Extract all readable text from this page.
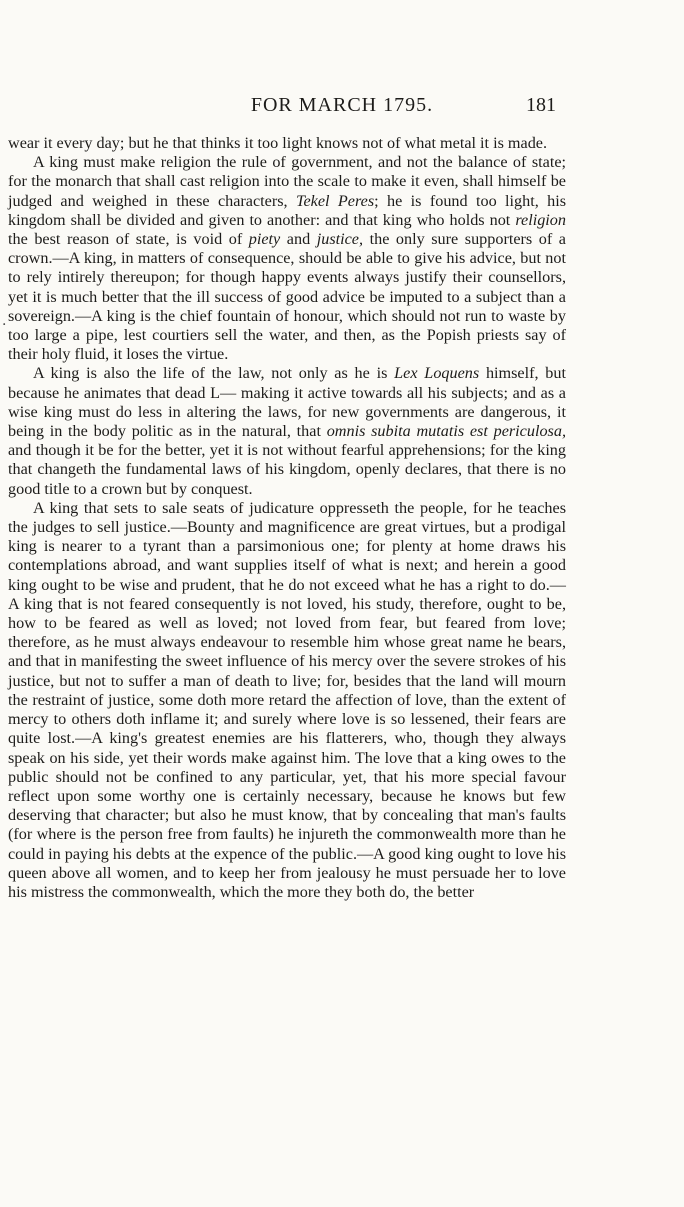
FOR MARCH 1795.	181
·

wear it every day; but he that thinks it too light knows not of what metal it is made.

A king must make religion the rule of government, and not the balance of state; for the monarch that shall cast religion into the scale to make it even, shall himself be judged and weighed in these characters, Tekel Peres; he is found too light, his kingdom shall be divided and given to another: and that king who holds not religion the best reason of state, is void of piety and justice, the only sure supporters of a crown.—A king, in matters of consequence, should be able to give his advice, but not to rely intirely thereupon; for though happy events always justify their counsellors, yet it is much better that the ill success of good advice be imputed to a subject than a sovereign.—A king is the chief fountain of honour, which should not run to waste by too large a pipe, lest courtiers sell the water, and then, as the Popish priests say of their holy fluid, it loses the virtue.

A king is also the life of the law, not only as he is Lex Loquens himself, but because he animates that dead L— making it active towards all his subjects; and as a wise king must do less in altering the laws, for new governments are dangerous, it being in the body politic as in the natural, that omnis subita mutatis est periculosa, and though it be for the better, yet it is not without fearful apprehensions; for the king that changeth the fundamental laws of his kingdom, openly declares, that there is no good title to a crown but by conquest.

A king that sets to sale seats of judicature oppresseth the people, for he teaches the judges to sell justice.—Bounty and magnificence are great virtues, but a prodigal king is nearer to a tyrant than a parsimonious one; for plenty at home draws his contemplations abroad, and want supplies itself of what is next; and herein a good king ought to be wise and prudent, that he do not exceed what he has a right to do.—A king that is not feared consequently is not loved, his study, therefore, ought to be, how to be feared as well as loved; not loved from fear, but feared from love; therefore, as he must always endeavour to resemble him whose great name he bears, and that in manifesting the sweet influence of his mercy over the severe strokes of his justice, but not to suffer a man of death to live; for, besides that the land will mourn the restraint of justice, some doth more retard the affection of love, than the extent of mercy to others doth inflame it; and surely where love is so lessened, their fears are quite lost.—A king's greatest enemies are his flatterers, who, though they always speak on his side, yet their words make against him. The love that a king owes to the public should not be confined to any particular, yet, that his more special favour reflect upon some worthy one is certainly necessary, because he knows but few deserving that character; but also he must know, that by concealing that man's faults (for where is the person free from faults) he injureth the commonwealth more than he could in paying his debts at the expence of the public.—A good king ought to love his queen above all women, and to keep her from jealousy he must persuade her to love his mistress the commonwealth, which the more they both do, the better
